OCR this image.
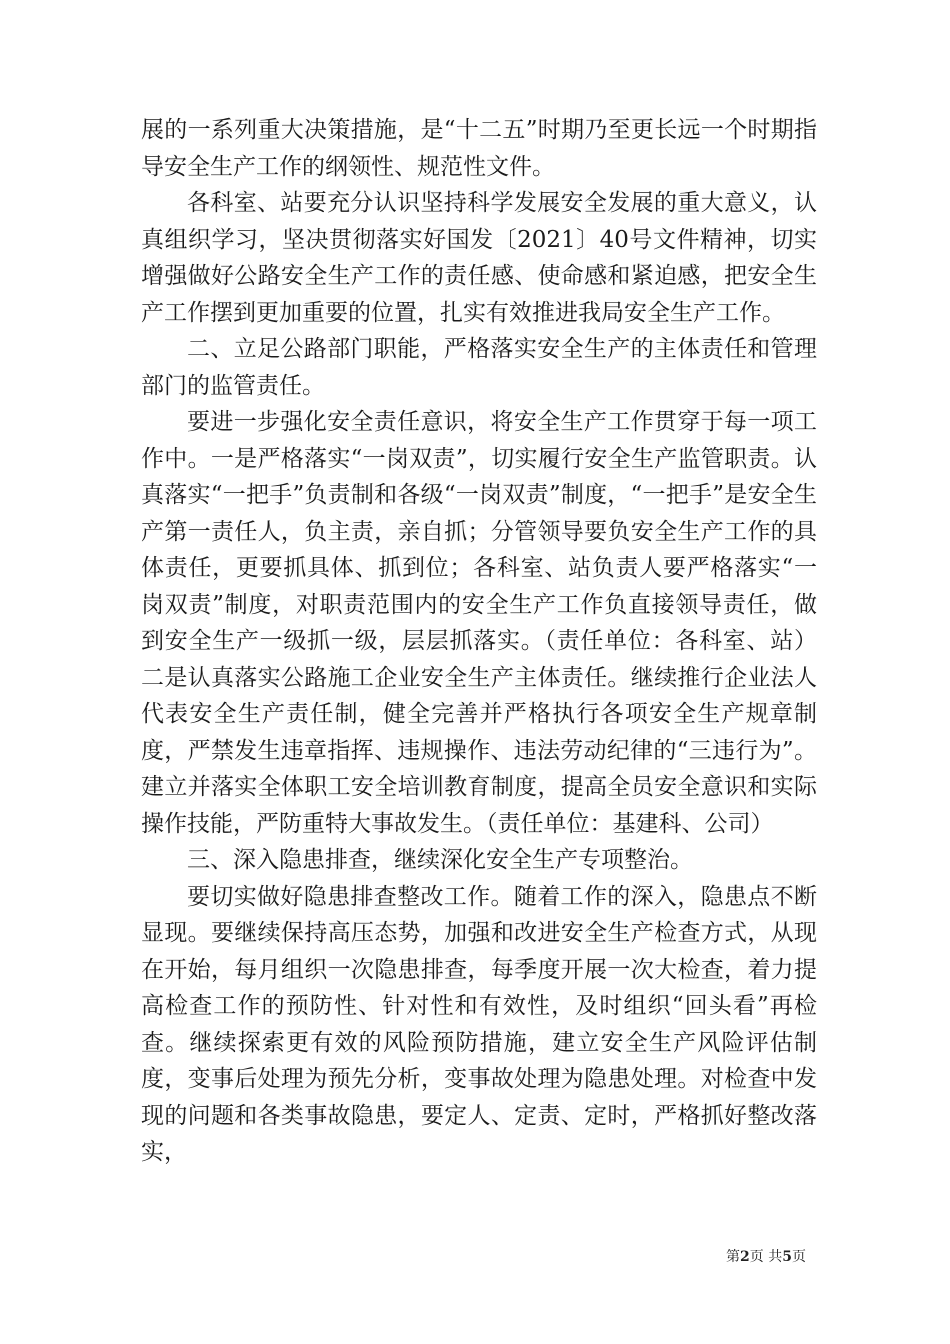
展的一系列重大决策措施，是“十二五”时期乃至更长远一个时期指导安全生产工作的纲领性、规范性文件。

各科室、站要充分认识坚持科学发展安全发展的重大意义，认真组织学习，坚决贯彻落实好国发〔2021〕40号文件精神，切实增强做好公路安全生产工作的责任感、使命感和紧迫感，把安全生产工作摆到更加重要的位置，扎实有效推进我局安全生产工作。

二、立足公路部门职能，严格落实安全生产的主体责任和管理部门的监管责任。

要进一步强化安全责任意识，将安全生产工作贯穿于每一项工作中。一是严格落实“一岗双责”，切实履行安全生产监管职责。认真落实“一把手”负责制和各级“一岗双责”制度，“一把手”是安全生产第一责任人，负主责，亲自抓；分管领导要负安全生产工作的具体责任，更要抓具体、抓到位；各科室、站负责人要严格落实“一岗双责”制度，对职责范围内的安全生产工作负直接领导责任，做到安全生产一级抓一级，层层抓落实。（责任单位：各科室、站）二是认真落实公路施工企业安全生产主体责任。继续推行企业法人代表安全生产责任制，健全完善并严格执行各项安全生产规章制度，严禁发生违章指挥、违规操作、违法劳动纪律的“三违行为”。建立并落实全体职工安全培训教育制度，提高全员安全意识和实际操作技能，严防重特大事故发生。（责任单位：基建科、公司）

三、深入隐患排查，继续深化安全生产专项整治。

要切实做好隐患排查整改工作。随着工作的深入，隐患点不断显现。要继续保持高压态势，加强和改进安全生产检查方式，从现在开始，每月组织一次隐患排查，每季度开展一次大检查，着力提高检查工作的预防性、针对性和有效性，及时组织“回头看”再检查。继续探索更有效的风险预防措施，建立安全生产风险评估制度，变事后处理为预先分析，变事故处理为隐患处理。对检查中发现的问题和各类事故隐患，要定人、定责、定时，严格抓好整改落实，

第2页 共5页
